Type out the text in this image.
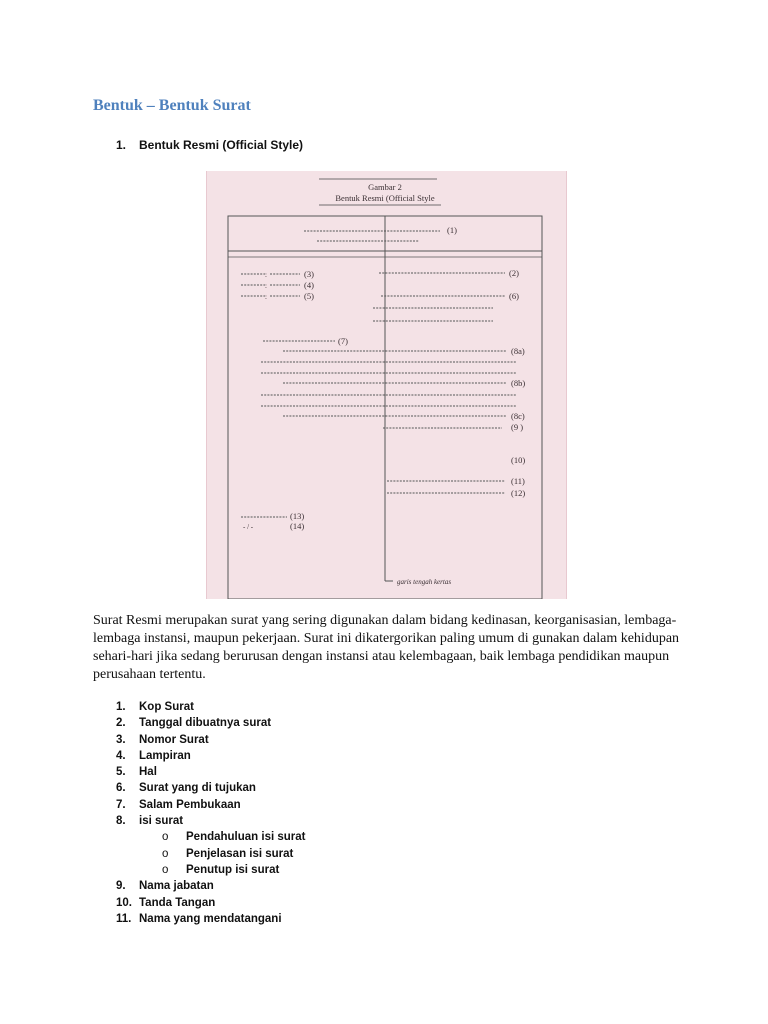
Bentuk – Bentuk Surat
1. Bentuk Resmi (Official Style)
Gambar 2
Bentuk Resmi (Official Style
garis tengah kertas
(1)
(2)
(3)
(4)
(5)	(6)
(7)
(8a)
(8b)
(8c)
(9 )
(10)
(11)
(12)
(13)
(14)
:
:
:
- / -

Surat Resmi merupakan surat yang sering digunakan dalam bidang kedinasan, keorganisasian, lembaga-lembaga instansi, maupun pekerjaan. Surat ini dikatergorikan paling umum di gunakan dalam kehidupan sehari-hari jika sedang berurusan dengan instansi atau kelembagaan, baik lembaga pendidikan maupun perusahaan tertentu.

1. Kop Surat
2. Tanggal dibuatnya surat
3. Nomor Surat
4. Lampiran
5. Hal
6. Surat yang di tujukan
7. Salam Pembukaan
8. isi surat
o Pendahuluan isi surat
o Penjelasan isi surat
o Penutup isi surat
9. Nama jabatan
10. Tanda Tangan
11. Nama yang mendatangani
